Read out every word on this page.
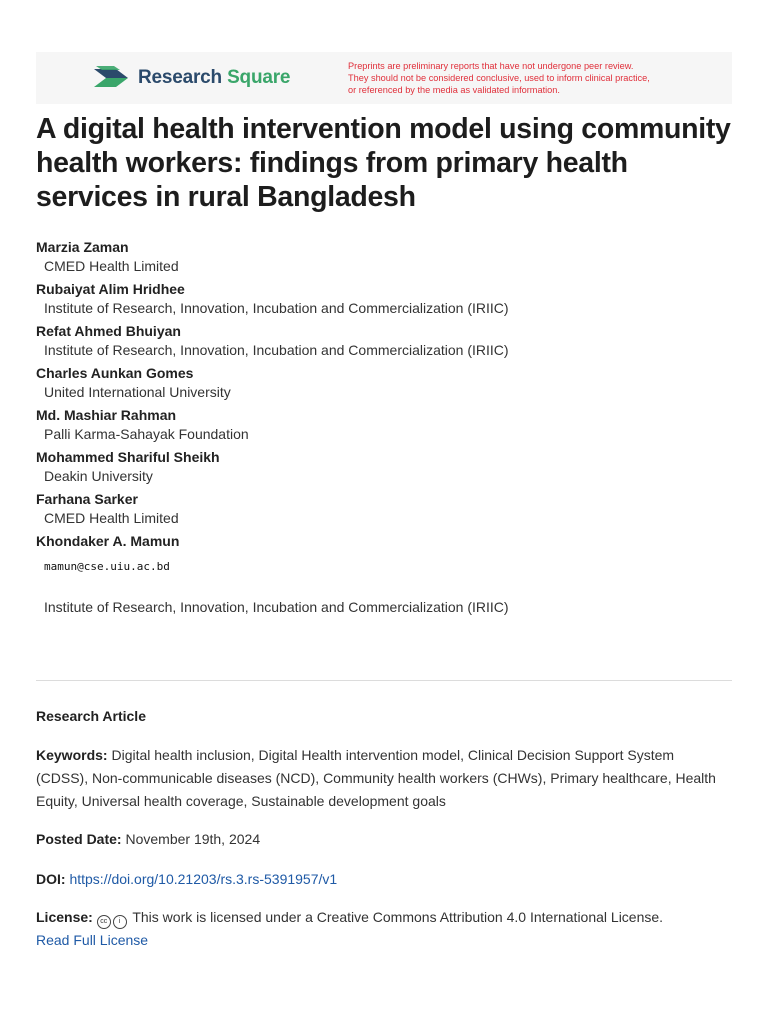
Research Square
Preprints are preliminary reports that have not undergone peer review.
They should not be considered conclusive, used to inform clinical practice,
or referenced by the media as validated information.
A digital health intervention model using community health workers: findings from primary health services in rural Bangladesh
Marzia Zaman
CMED Health Limited
Rubaiyat Alim Hridhee
Institute of Research, Innovation, Incubation and Commercialization (IRIIC)
Refat Ahmed Bhuiyan
Institute of Research, Innovation, Incubation and Commercialization (IRIIC)
Charles Aunkan Gomes
United International University
Md. Mashiar Rahman
Palli Karma-Sahayak Foundation
Mohammed Shariful Sheikh
Deakin University
Farhana Sarker
CMED Health Limited
Khondaker A. Mamun
mamun@cse.uiu.ac.bd
Institute of Research, Innovation, Incubation and Commercialization (IRIIC)
Research Article
Keywords: Digital health inclusion, Digital Health intervention model, Clinical Decision Support System (CDSS), Non-communicable diseases (NCD), Community health workers (CHWs), Primary healthcare, Health Equity, Universal health coverage, Sustainable development goals
Posted Date: November 19th, 2024
DOI: https://doi.org/10.21203/rs.3.rs-5391957/v1
License: cc i This work is licensed under a Creative Commons Attribution 4.0 International License.
Read Full License
